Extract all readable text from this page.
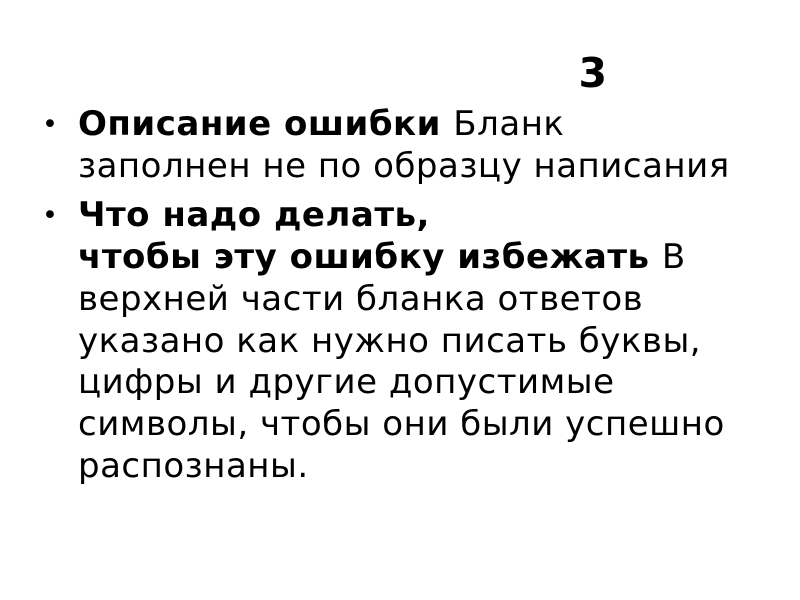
3
• Описание ошибки Бланк
заполнен не по образцу написания
• Что надо делать,
чтобы эту ошибку избежать В
верхней части бланка ответов
указано как нужно писать буквы,
цифры и другие допустимые
символы, чтобы они были успешно
распознаны.
